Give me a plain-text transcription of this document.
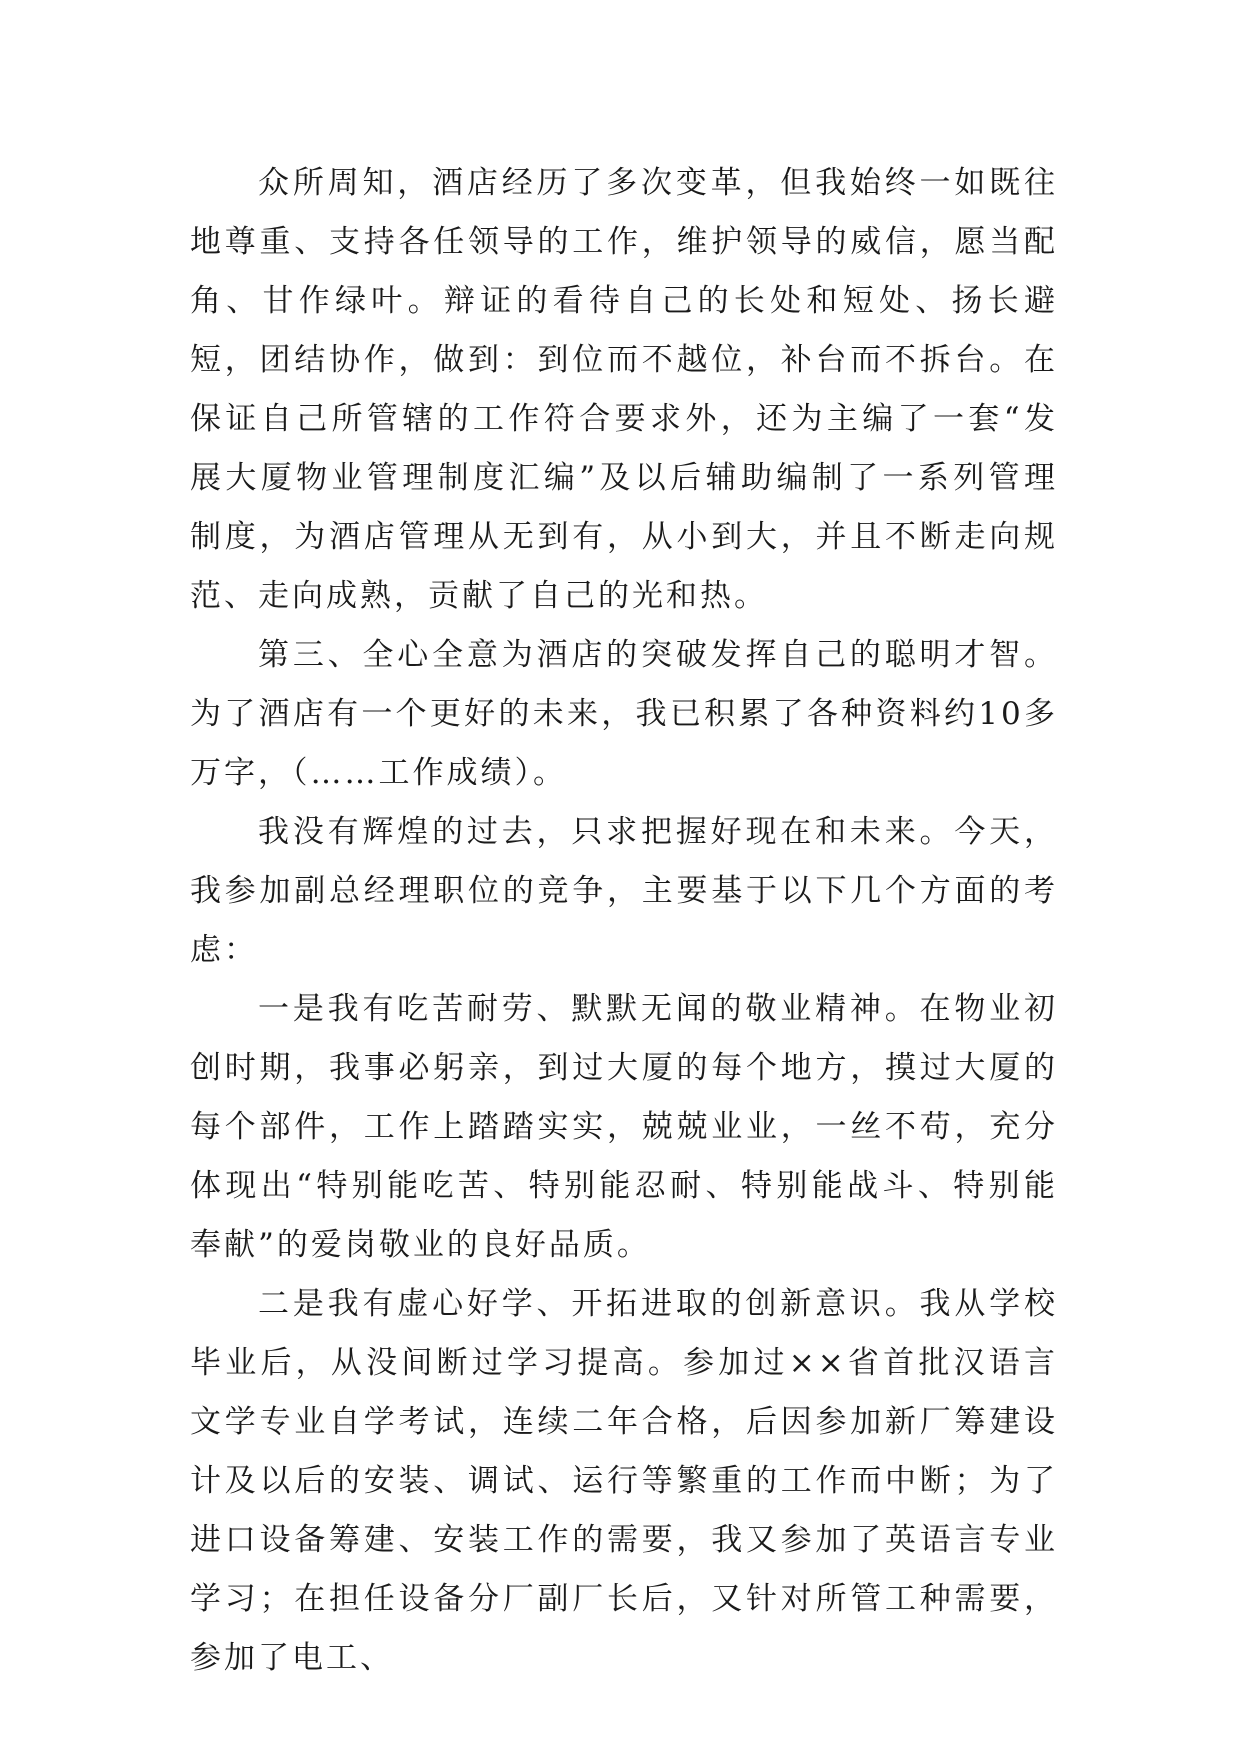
众所周知，酒店经历了多次变革，但我始终一如既往地尊重、支持各任领导的工作，维护领导的威信，愿当配角、甘作绿叶。辩证的看待自己的长处和短处、扬长避短，团结协作，做到：到位而不越位，补台而不拆台。在保证自己所管辖的工作符合要求外，还为主编了一套“发展大厦物业管理制度汇编”及以后辅助编制了一系列管理制度，为酒店管理从无到有，从小到大，并且不断走向规范、走向成熟，贡献了自己的光和热。

第三、全心全意为酒店的突破发挥自己的聪明才智。为了酒店有一个更好的未来，我已积累了各种资料约10多万字，（……工作成绩）。

我没有辉煌的过去，只求把握好现在和未来。今天，我参加副总经理职位的竞争，主要基于以下几个方面的考虑：

一是我有吃苦耐劳、默默无闻的敬业精神。在物业初创时期，我事必躬亲，到过大厦的每个地方，摸过大厦的每个部件，工作上踏踏实实，兢兢业业，一丝不苟，充分体现出“特别能吃苦、特别能忍耐、特别能战斗、特别能奉献”的爱岗敬业的良好品质。

二是我有虚心好学、开拓进取的创新意识。我从学校毕业后，从没间断过学习提高。参加过××省首批汉语言文学专业自学考试，连续二年合格，后因参加新厂筹建设计及以后的安装、调试、运行等繁重的工作而中断；为了进口设备筹建、安装工作的需要，我又参加了英语言专业学习；在担任设备分厂副厂长后，又针对所管工种需要，参加了电工、
